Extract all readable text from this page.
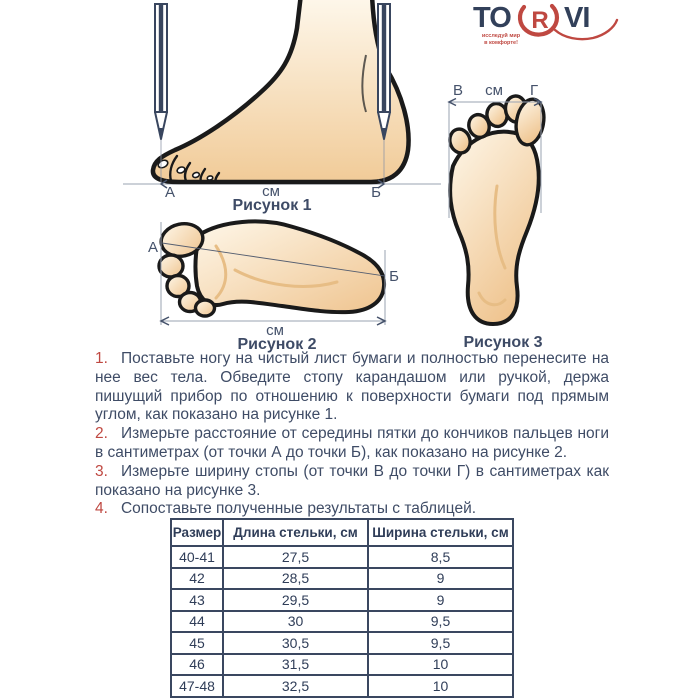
А	см	Б
Рисунок 1
А
Б
см
Рисунок 2
В см Г
Рисунок 3
TO R VI
исследуй мир
в комфорте!

1. Поставьте ногу на чистый лист бумаги и полностью перенесите на нее вес тела. Обведите стопу карандашом или ручкой, держа пишущий прибор по отношению к поверхности бумаги под прямым углом, как показано на рисунке 1.

2. Измерьте расстояние от середины пятки до кончиков пальцев ноги в сантиметрах (от точки А до точки Б), как показано на рисунке 2.

3. Измерьте ширину стопы (от точки В до точки Г) в сантиметрах как показано на рисунке 3.

4. Сопоставьте полученные результаты с таблицей.

Размер	Длина стельки, см	Ширина стельки, см
40-41	27,5	8,5
42	28,5	9
43	29,5	9
44	30	9,5
45	30,5	9,5
46	31,5	10
47-48	32,5	10
